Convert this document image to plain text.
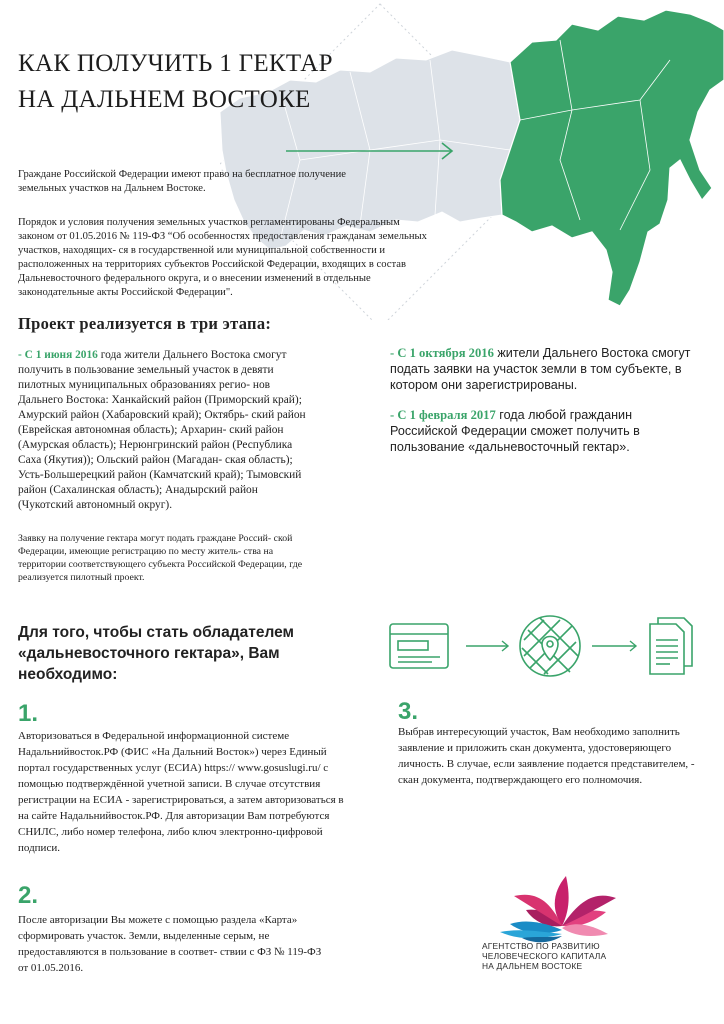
КАК ПОЛУЧИТЬ 1 ГЕКТАР
НА ДАЛЬНЕМ ВОСТОКЕ
Граждане Российской Федерации имеют право на бесплатное получение земельных участков на Дальнем Востоке.
Порядок и условия получения земельных участков регламентированы Федеральным законом от 01.05.2016 № 119-ФЗ “Об особенностях предоставления гражданам земельных участков, находящих- ся в государственной или муниципальной собственности и расположенных на территориях субъектов Российской Федерации, входящих в состав Дальневосточного федерального округа, и о внесении изменений в отдельные законодательные акты Российской Федерации".
Проект реализуется в три этапа:
- С 1 июня 2016 года жители Дальнего Востока смогут получить в пользование земельный участок в девяти пилотных муниципальных образованиях регио- нов Дальнего Востока: Ханкайский район (Приморский край); Амурский район (Хабаровский край); Октябрь- ский район (Еврейская автономная область); Архарин- ский район (Амурская область); Нерюнгринский район (Республика Саха (Якутия)); Ольский район (Магадан- ская область); Усть-Большерецкий район (Камчатский край); Тымовский район (Сахалинская область); Анадырский район (Чукотский автономный округ).
- С 1 октября 2016 жители Дальнего Востока смогут подать заявки на участок земли в том субъекте, в котором они зарегистрированы.
- С 1 февраля 2017 года любой гражданин Российской Федерации сможет получить в пользование «дальневосточный гектар».
Заявку на получение гектара могут подать граждане Россий- ской Федерации, имеющие регистрацию по месту житель- ства на территории соответствующего субъекта Российской Федерации, где реализуется пилотный проект.
Для того, чтобы стать обладателем «дальневосточного гектара», Вам необходимо:
1.
2.
3.
Авторизоваться в Федеральной информационной системе Надальнийвосток.РФ (ФИС «На Дальний Восток») через Единый портал государственных услуг (ЕСИА) https:// www.gosuslugi.ru/ с помощью подтверждённой учетной записи. В случае отсутствия регистрации на ЕСИА - зарегистрироваться, а затем авторизоваться в на сайте Надальнийвосток.РФ. Для авторизации Вам потребуются СНИЛС, либо номер телефона, либо ключ электронно-цифровой подписи.
После авторизации Вы можете с помощью раздела «Карта» сформировать участок. Земли, выделенные серым, не предоставляются в пользование в соответ- ствии с ФЗ № 119-ФЗ от 01.05.2016.
Выбрав интересующий участок, Вам необходимо заполнить заявление и приложить скан документа, удостоверяющего личность. В случае, если заявление подается представителем, - скан документа, подтверждающего его полномочия.
АГЕНТСТВО ПО РАЗВИТИЮ
ЧЕЛОВЕЧЕСКОГО КАПИТАЛА
НА ДАЛЬНЕМ ВОСТОКЕ
